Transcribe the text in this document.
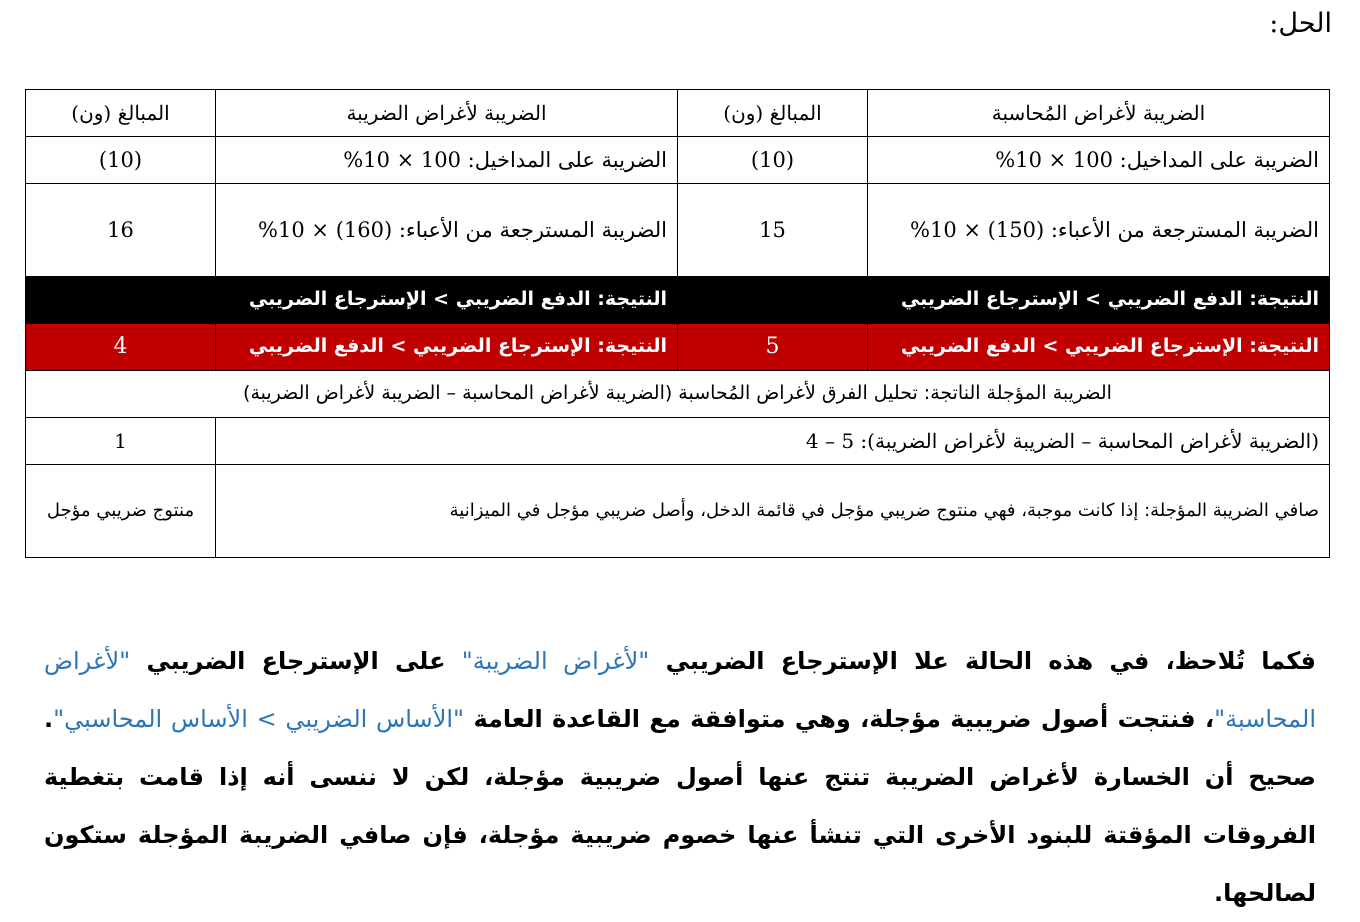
الحل:
الضريبة لأغراض المُحاسبة	المبالغ (ون)	الضريبة لأغراض الضريبة	المبالغ (ون)
الضريبة على المداخيل: 100 × 10%	(10)	الضريبة على المداخيل: 100 × 10%	(10)
الضريبة المسترجعة من الأعباء: (150) × 10%	15	الضريبة المسترجعة من الأعباء: (160) × 10%	16
النتيجة: الدفع الضريبي > الإسترجاع الضريبي		النتيجة: الدفع الضريبي > الإسترجاع الضريبي	
النتيجة: الإسترجاع الضريبي > الدفع الضريبي	5	النتيجة: الإسترجاع الضريبي > الدفع الضريبي	4
الضريبة المؤجلة الناتجة: تحليل الفرق لأغراض المُحاسبة (الضريبة لأغراض المحاسبة – الضريبة لأغراض الضريبة)			
(الضريبة لأغراض المحاسبة – الضريبة لأغراض الضريبة): 5 – 4			1
صافي الضريبة المؤجلة: إذا كانت موجبة، فهي منتوج ضريبي مؤجل في قائمة الدخل، وأصل ضريبي مؤجل في الميزانية			منتوج ضريبي مؤجل
فكما تُلاحظ، في هذه الحالة علا الإسترجاع الضريبي "لأغراض الضريبة" على الإسترجاع الضريبي "لأغراض المحاسبة"، فنتجت أصول ضريبية مؤجلة، وهي متوافقة مع القاعدة العامة "الأساس الضريبي > الأساس المحاسبي". صحيح أن الخسارة لأغراض الضريبة تنتج عنها أصول ضريبية مؤجلة، لكن لا ننسى أنه إذا قامت بتغطية الفروقات المؤقتة للبنود الأخرى التي تنشأ عنها خصوم ضريبية مؤجلة، فإن صافي الضريبة المؤجلة ستكون لصالحها.
